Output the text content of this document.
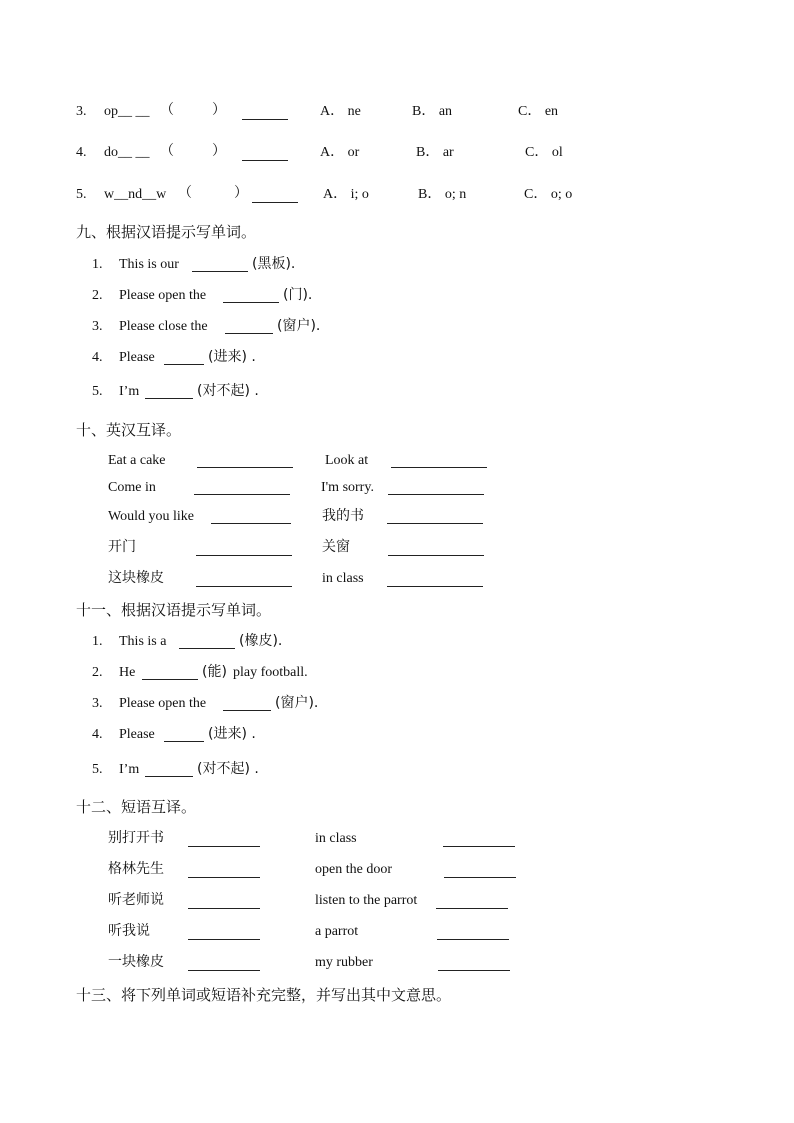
3. op__ __ （	）	A． ne	B． an	C． en
4. do__ __ （	）	A． or	B． ar	C． ol
5. w__nd__w （	）	A． i; o	B． o; n	C． o; o
九、根据汉语提示写单词。
1. This is our	(黑板).
2. Please open the	(门).
3. Please close the	(窗户).
4. Please	(进来) .
5. I’m	(对不起) .
十、英汉互译。
Eat a cake	Look at
Come in	I'm sorry.
Would you like	我的书
开门	关窗
这块橡皮	in class
十一、根据汉语提示写单词。
1. This is a	(橡皮).
2. He	(能) play football.
3. Please open the	(窗户).
4. Please	(进来) .
5. I’m	(对不起) .
十二、短语互译。
别打开书	in class
格林先生	open the door
听老师说	listen to the parrot
听我说	a parrot
一块橡皮	my rubber
十三、将下列单词或短语补充完整，并写出其中文意思。
